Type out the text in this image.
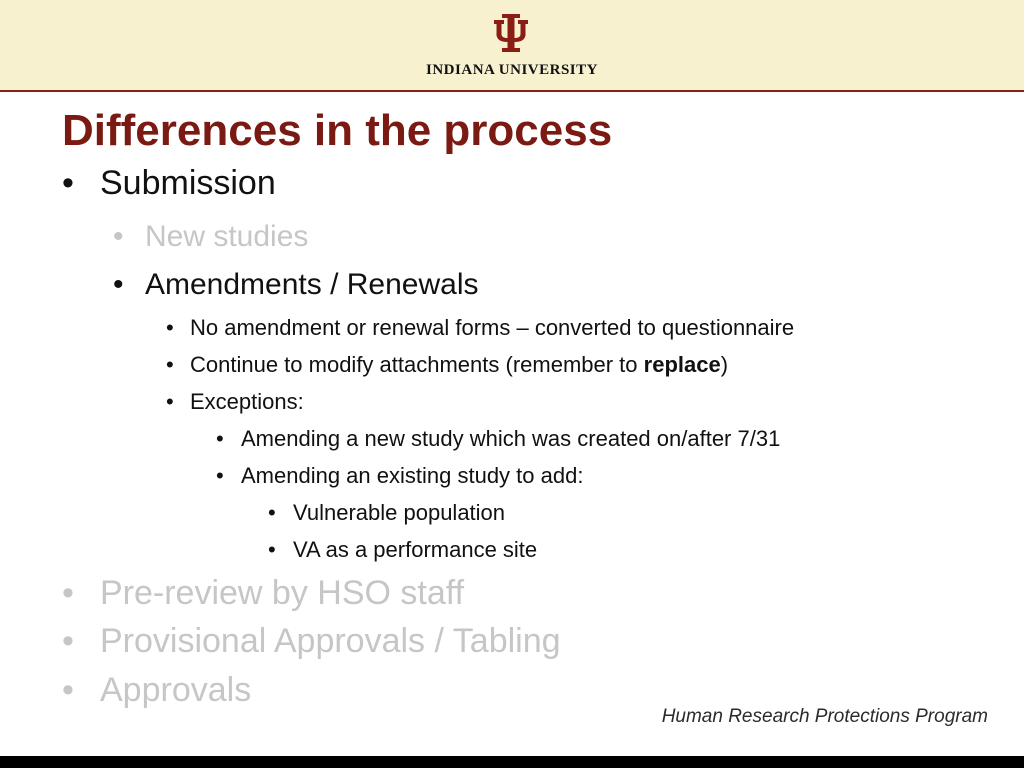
INDIANA UNIVERSITY
Differences in the process
• Submission
• New studies
• Amendments / Renewals
• No amendment or renewal forms – converted to questionnaire
• Continue to modify attachments (remember to replace)
• Exceptions:
• Amending a new study which was created on/after 7/31
• Amending an existing study to add:
• Vulnerable population
• VA as a performance site
• Pre-review by HSO staff
• Provisional Approvals / Tabling
• Approvals
Human Research Protections Program
